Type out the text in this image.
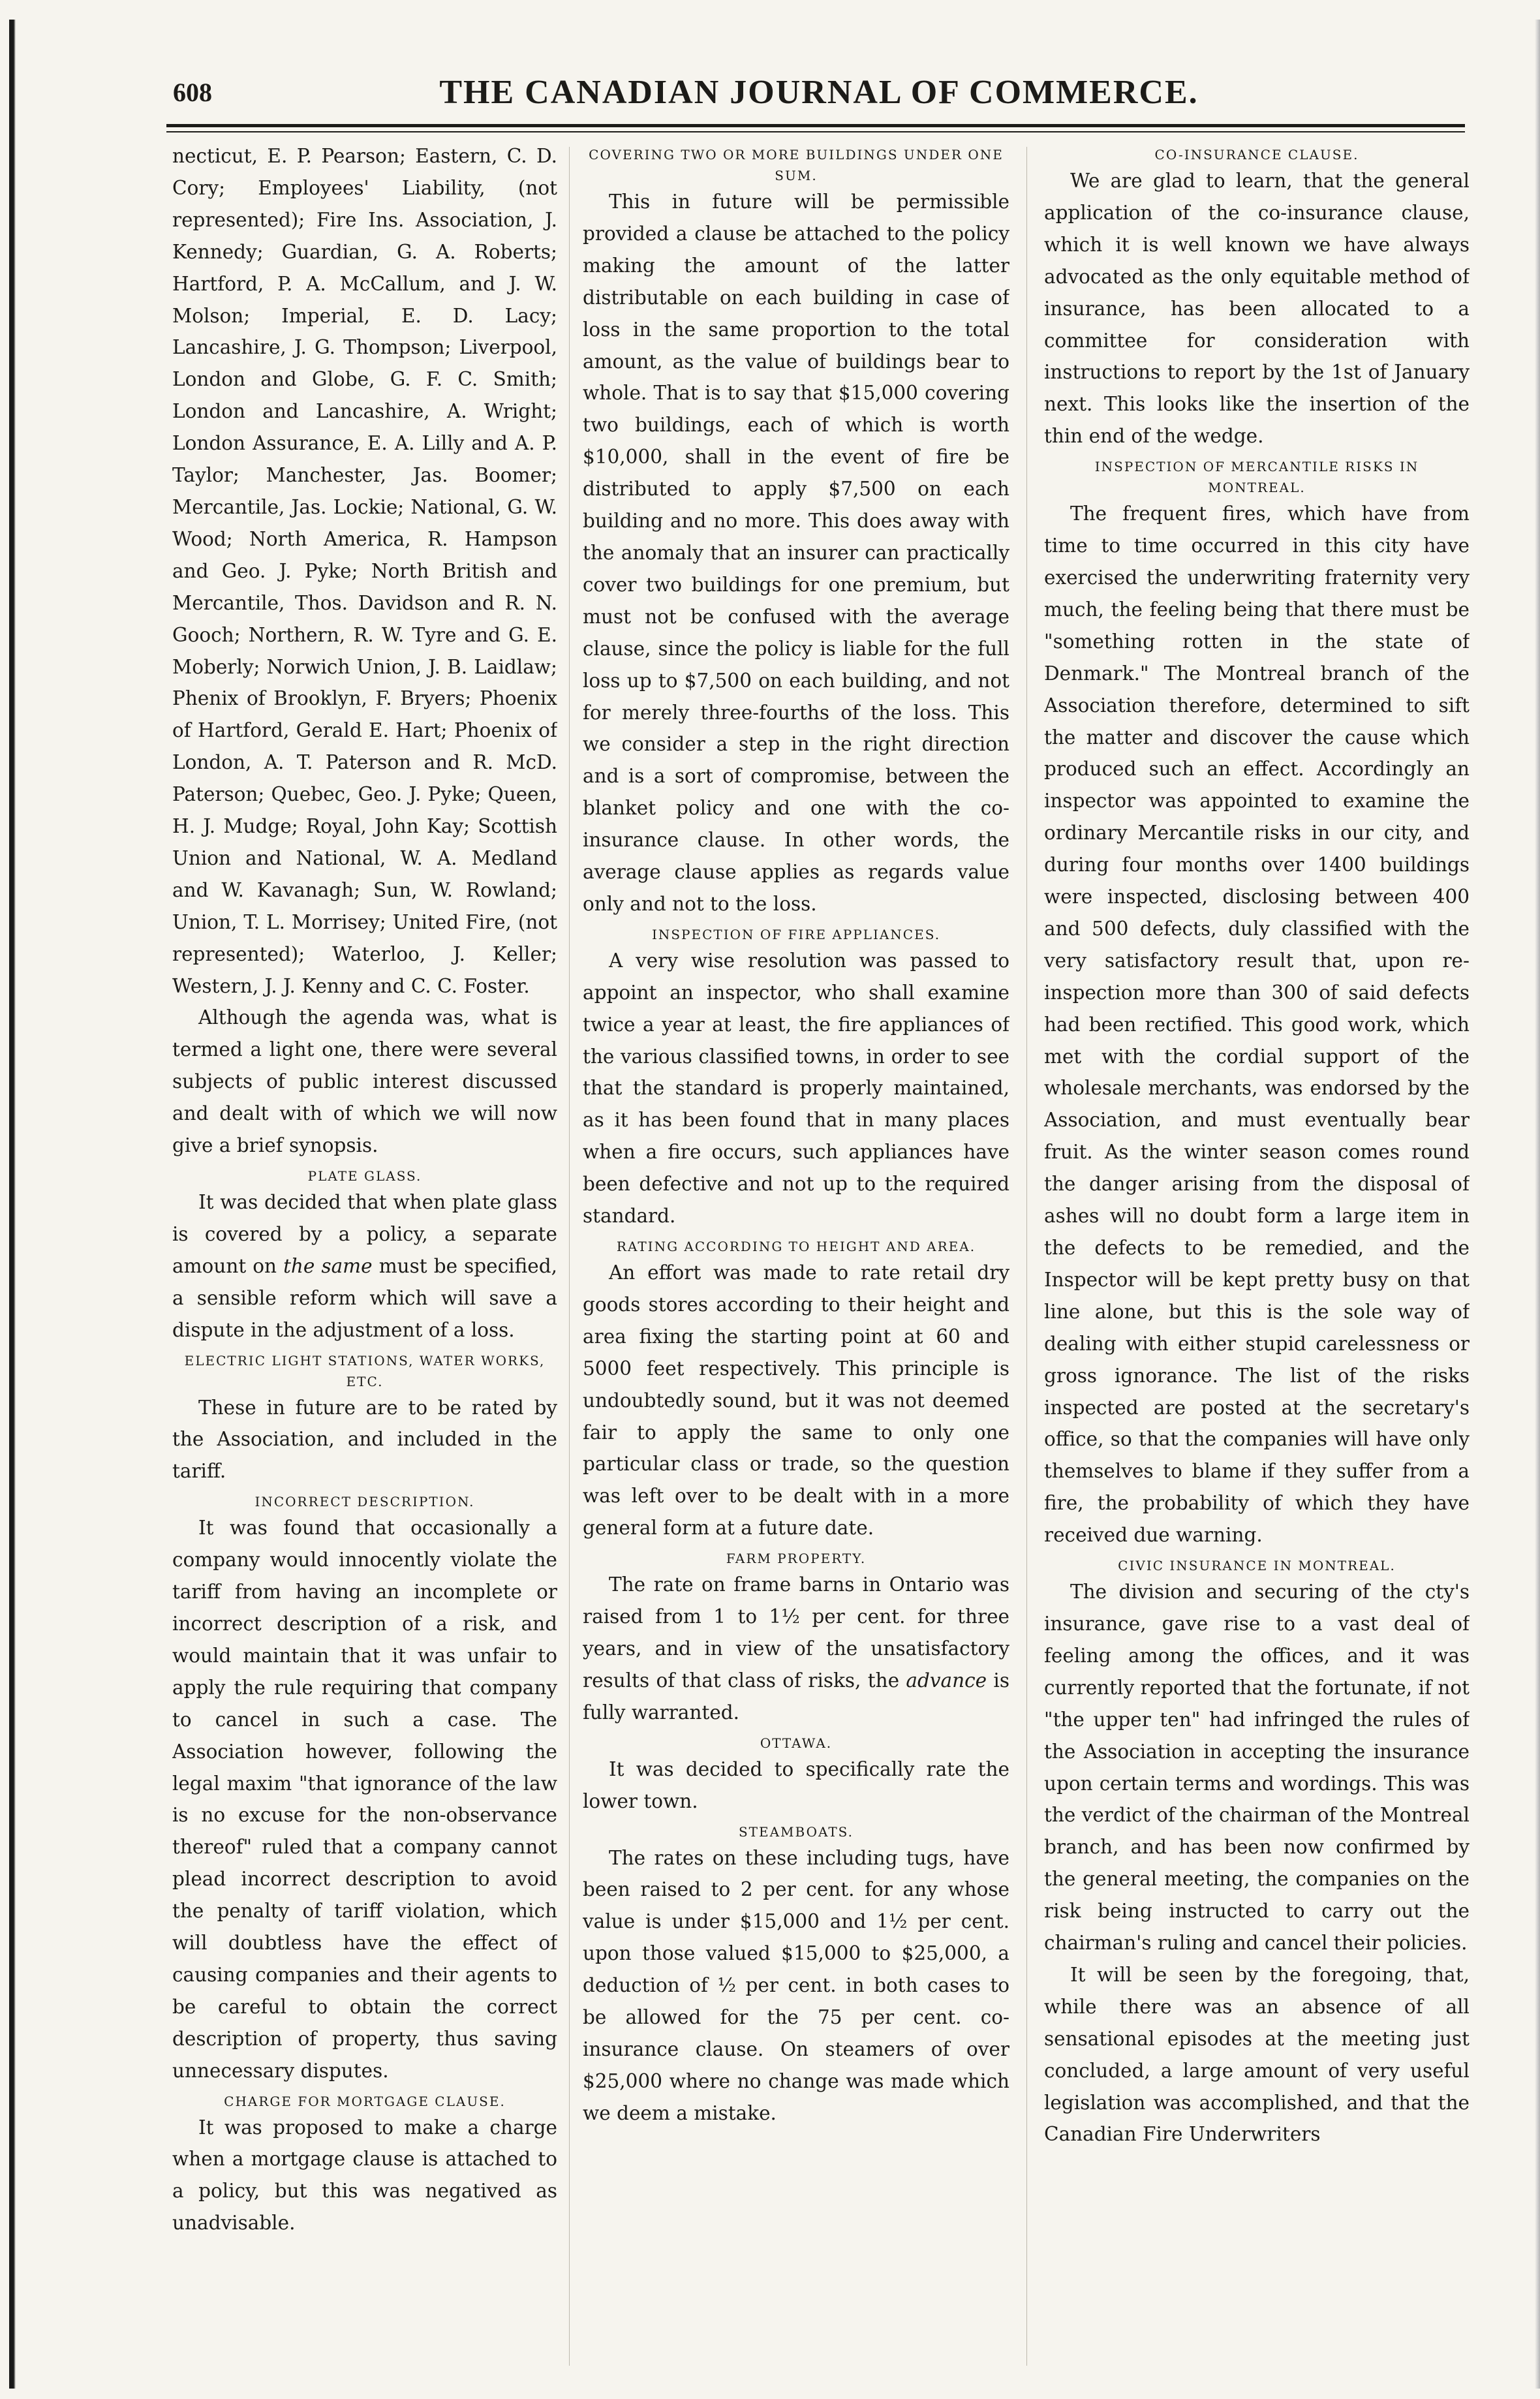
608	THE CANADIAN JOURNAL OF COMMERCE.

necticut, E. P. Pearson; Eastern, C. D. Cory; Employees' Liability, (not represented); Fire Ins. Association, J. Kennedy; Guardian, G. A. Roberts; Hartford, P. A. McCallum, and J. W. Molson; Imperial, E. D. Lacy; Lancashire, J. G. Thompson; Liverpool, London and Globe, G. F. C. Smith; London and Lancashire, A. Wright; London Assurance, E. A. Lilly and A. P. Taylor; Manchester, Jas. Boomer; Mercantile, Jas. Lockie; National, G. W. Wood; North America, R. Hampson and Geo. J. Pyke; North British and Mercantile, Thos. Davidson and R. N. Gooch; Northern, R. W. Tyre and G. E. Moberly; Norwich Union, J. B. Laidlaw; Phenix of Brooklyn, F. Bryers; Phoenix of Hartford, Gerald E. Hart; Phoenix of London, A. T. Paterson and R. McD. Paterson; Quebec, Geo. J. Pyke; Queen, H. J. Mudge; Royal, John Kay; Scottish Union and National, W. A. Medland and W. Kavanagh; Sun, W. Rowland; Union, T. L. Morrisey; United Fire, (not represented); Waterloo, J. Keller; Western, J. J. Kenny and C. C. Foster.

Although the agenda was, what is termed a light one, there were several subjects of public interest discussed and dealt with of which we will now give a brief synopsis.

PLATE GLASS.

It was decided that when plate glass is covered by a policy, a separate amount on the same must be specified, a sensible reform which will save a dispute in the adjustment of a loss.

ELECTRIC LIGHT STATIONS, WATER WORKS, ETC.

These in future are to be rated by the Association, and included in the tariff.

INCORRECT DESCRIPTION.

It was found that occasionally a company would innocently violate the tariff from having an incomplete or incorrect description of a risk, and would maintain that it was unfair to apply the rule requiring that company to cancel in such a case. The Association however, following the legal maxim "that ignorance of the law is no excuse for the non-observance thereof" ruled that a company cannot plead incorrect description to avoid the penalty of tariff violation, which will doubtless have the effect of causing companies and their agents to be careful to obtain the correct description of property, thus saving unnecessary disputes.

CHARGE FOR MORTGAGE CLAUSE.

It was proposed to make a charge when a mortgage clause is attached to a policy, but this was negatived as unadvisable.

COVERING TWO OR MORE BUILDINGS UNDER ONE SUM.

This in future will be permissible provided a clause be attached to the policy making the amount of the latter distributable on each building in case of loss in the same proportion to the total amount, as the value of buildings bear to whole. That is to say that $15,000 covering two buildings, each of which is worth $10,000, shall in the event of fire be distributed to apply $7,500 on each building and no more. This does away with the anomaly that an insurer can practically cover two buildings for one premium, but must not be confused with the average clause, since the policy is liable for the full loss up to $7,500 on each building, and not for merely three-fourths of the loss. This we consider a step in the right direction and is a sort of compromise, between the blanket policy and one with the co-insurance clause. In other words, the average clause applies as regards value only and not to the loss.

INSPECTION OF FIRE APPLIANCES.

A very wise resolution was passed to appoint an inspector, who shall examine twice a year at least, the fire appliances of the various classified towns, in order to see that the standard is properly maintained, as it has been found that in many places when a fire occurs, such appliances have been defective and not up to the required standard.

RATING ACCORDING TO HEIGHT AND AREA.

An effort was made to rate retail dry goods stores according to their height and area fixing the starting point at 60 and 5000 feet respectively. This principle is undoubtedly sound, but it was not deemed fair to apply the same to only one particular class or trade, so the question was left over to be dealt with in a more general form at a future date.

FARM PROPERTY.

The rate on frame barns in Ontario was raised from 1 to 1½ per cent. for three years, and in view of the unsatisfactory results of that class of risks, the advance is fully warranted.

OTTAWA.

It was decided to specifically rate the lower town.

STEAMBOATS.

The rates on these including tugs, have been raised to 2 per cent. for any whose value is under $15,000 and 1½ per cent. upon those valued $15,000 to $25,000, a deduction of ½ per cent. in both cases to be allowed for the 75 per cent. co-insurance clause. On steamers of over $25,000 where no change was made which we deem a mistake.

CO-INSURANCE CLAUSE.

We are glad to learn, that the general application of the co-insurance clause, which it is well known we have always advocated as the only equitable method of insurance, has been allocated to a committee for consideration with instructions to report by the 1st of January next. This looks like the insertion of the thin end of the wedge.

INSPECTION OF MERCANTILE RISKS IN MONTREAL.

The frequent fires, which have from time to time occurred in this city have exercised the underwriting fraternity very much, the feeling being that there must be "something rotten in the state of Denmark." The Montreal branch of the Association therefore, determined to sift the matter and discover the cause which produced such an effect. Accordingly an inspector was appointed to examine the ordinary Mercantile risks in our city, and during four months over 1400 buildings were inspected, disclosing between 400 and 500 defects, duly classified with the very satisfactory result that, upon re-inspection more than 300 of said defects had been rectified. This good work, which met with the cordial support of the wholesale merchants, was endorsed by the Association, and must eventually bear fruit. As the winter season comes round the danger arising from the disposal of ashes will no doubt form a large item in the defects to be remedied, and the Inspector will be kept pretty busy on that line alone, but this is the sole way of dealing with either stupid carelessness or gross ignorance. The list of the risks inspected are posted at the secretary's office, so that the companies will have only themselves to blame if they suffer from a fire, the probability of which they have received due warning.

CIVIC INSURANCE IN MONTREAL.

The division and securing of the cty's insurance, gave rise to a vast deal of feeling among the offices, and it was currently reported that the fortunate, if not "the upper ten" had infringed the rules of the Association in accepting the insurance upon certain terms and wordings. This was the verdict of the chairman of the Montreal branch, and has been now confirmed by the general meeting, the companies on the risk being instructed to carry out the chairman's ruling and cancel their policies.

It will be seen by the foregoing, that, while there was an absence of all sensational episodes at the meeting just concluded, a large amount of very useful legislation was accomplished, and that the Canadian Fire Underwriters
